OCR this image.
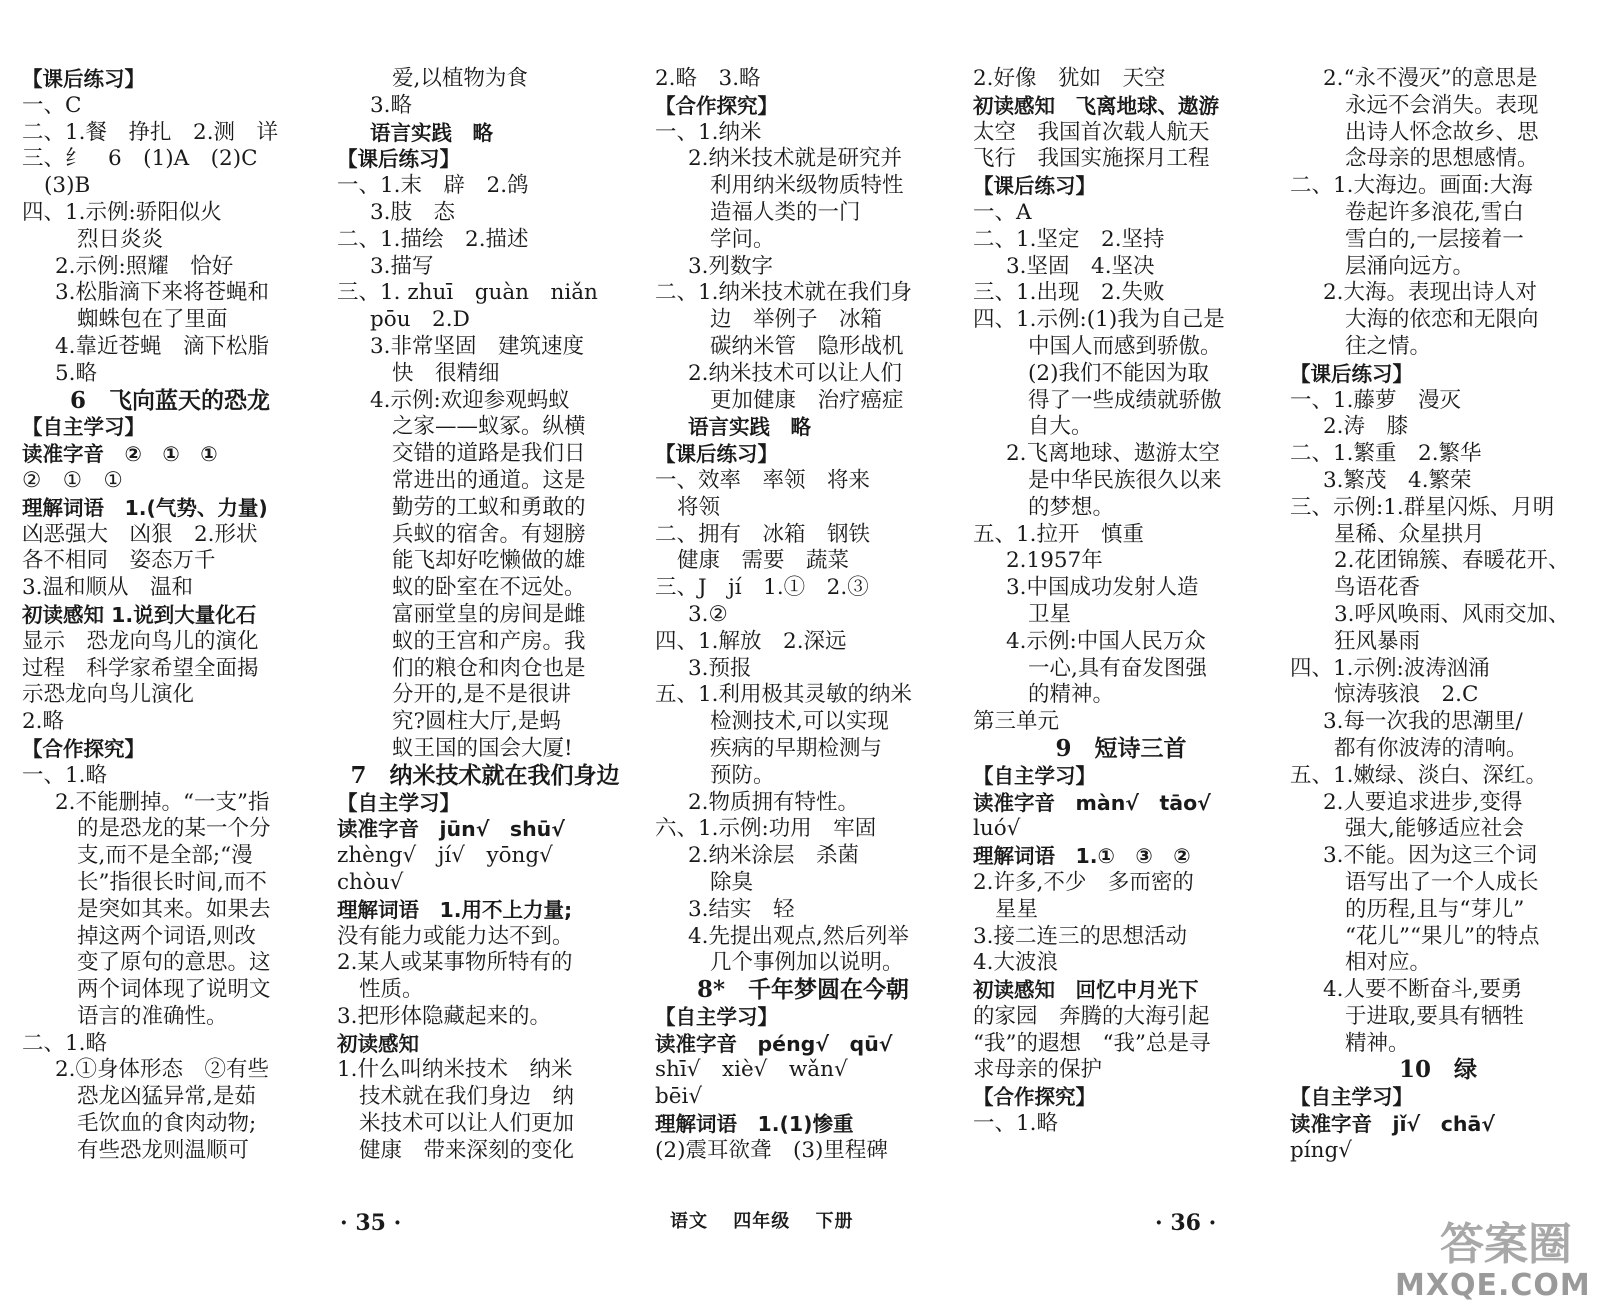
【课后练习】
一、C
二、1.餐　挣扎　2.测　详
三、纟　6　(1)A　(2)C
(3)B
四、1.示例:骄阳似火
烈日炎炎
2.示例:照耀　恰好
3.松脂滴下来将苍蝇和
蜘蛛包在了里面
4.靠近苍蝇　滴下松脂
5.略
6　飞向蓝天的恐龙
【自主学习】
读准字音　②　①　①
②　①　①
理解词语　1.(气势、力量)
凶恶强大　凶狠　2.形状
各不相同　姿态万千
3.温和顺从　温和
初读感知 1.说到大量化石
显示　恐龙向鸟儿的演化
过程　科学家希望全面揭
示恐龙向鸟儿演化
2.略
【合作探究】
一、1.略
2.不能删掉。“一支”指
的是恐龙的某一个分
支,而不是全部;“漫
长”指很长时间,而不
是突如其来。如果去
掉这两个词语,则改
变了原句的意思。这
两个词体现了说明文
语言的准确性。
二、1.略
2.①身体形态　②有些
恐龙凶猛异常,是茹
毛饮血的食肉动物;
有些恐龙则温顺可
爱,以植物为食
3.略
语言实践　略
【课后练习】
一、1.末　辟　2.鸽
3.肢　态
二、1.描绘　2.描述
3.描写
三、1. zhuī　guàn　niǎn
pōu　2.D
3.非常坚固　建筑速度
快　很精细
4.示例:欢迎参观蚂蚁
之家——蚁冢。纵横
交错的道路是我们日
常进出的通道。这是
勤劳的工蚁和勇敢的
兵蚁的宿舍。有翅膀
能飞却好吃懒做的雄
蚁的卧室在不远处。
富丽堂皇的房间是雌
蚁的王宫和产房。我
们的粮仓和肉仓也是
分开的,是不是很讲
究?圆柱大厅,是蚂
蚁王国的国会大厦!
7　纳米技术就在我们身边
【自主学习】
读准字音　jūn√　shū√
zhèng√　jí√　yōng√
chòu√
理解词语　1.用不上力量;
没有能力或能力达不到。
2.某人或某事物所特有的
性质。
3.把形体隐藏起来的。
初读感知
1.什么叫纳米技术　纳米
技术就在我们身边　纳
米技术可以让人们更加
健康　带来深刻的变化
2.略　3.略
【合作探究】
一、1.纳米
2.纳米技术就是研究并
利用纳米级物质特性
造福人类的一门
学问。
3.列数字
二、1.纳米技术就在我们身
边　举例子　冰箱
碳纳米管　隐形战机
2.纳米技术可以让人们
更加健康　治疗癌症
语言实践　略
【课后练习】
一、效率　率领　将来
将领
二、拥有　冰箱　钢铁
健康　需要　蔬菜
三、J　jí　1.①　2.③
3.②
四、1.解放　2.深远
3.预报
五、1.利用极其灵敏的纳米
检测技术,可以实现
疾病的早期检测与
预防。
2.物质拥有特性。
六、1.示例:功用　牢固
2.纳米涂层　杀菌
除臭
3.结实　轻
4.先提出观点,然后列举
几个事例加以说明。
8*　千年梦圆在今朝
【自主学习】
读准字音　péng√　qū√
shī√　xiè√　wǎn√
bēi√
理解词语　1.(1)惨重
(2)震耳欲聋　(3)里程碑
2.好像　犹如　天空
初读感知　飞离地球、遨游
太空　我国首次载人航天
飞行　我国实施探月工程
【课后练习】
一、A
二、1.坚定　2.坚持
3.坚固　4.坚决
三、1.出现　2.失败
四、1.示例:(1)我为自己是
中国人而感到骄傲。
(2)我们不能因为取
得了一些成绩就骄傲
自大。
2.飞离地球、遨游太空
是中华民族很久以来
的梦想。
五、1.拉开　慎重
2.1957年
3.中国成功发射人造
卫星
4.示例:中国人民万众
一心,具有奋发图强
的精神。
第三单元
9　短诗三首
【自主学习】
读准字音　màn√　tāo√
luó√
理解词语　1.①　③　②
2.许多,不少　多而密的
星星
3.接二连三的思想活动
4.大波浪
初读感知　回忆中月光下
的家园　奔腾的大海引起
“我”的遐想　“我”总是寻
求母亲的保护
【合作探究】
一、1.略
2.“永不漫灭”的意思是
永远不会消失。表现
出诗人怀念故乡、思
念母亲的思想感情。
二、1.大海边。画面:大海
卷起许多浪花,雪白
雪白的,一层接着一
层涌向远方。
2.大海。表现出诗人对
大海的依恋和无限向
往之情。
【课后练习】
一、1.藤萝　漫灭
2.涛　膝
二、1.繁重　2.繁华
3.繁茂　4.繁荣
三、示例:1.群星闪烁、月明
星稀、众星拱月
2.花团锦簇、春暖花开、
鸟语花香
3.呼风唤雨、风雨交加、
狂风暴雨
四、1.示例:波涛汹涌
惊涛骇浪　2.C
3.每一次我的思潮里/
都有你波涛的清响。
五、1.嫩绿、淡白、深红。
2.人要追求进步,变得
强大,能够适应社会
3.不能。因为这三个词
语写出了一个人成长
的历程,且与“芽儿”
“花儿”“果儿”的特点
相对应。
4.人要不断奋斗,要勇
于进取,要具有牺牲
精神。
10　绿
【自主学习】
读准字音　jǐ√　chā√
píng√
· 35 ·	语文 四年级 下册	· 36 ·	答案圈
MXQE.COM
